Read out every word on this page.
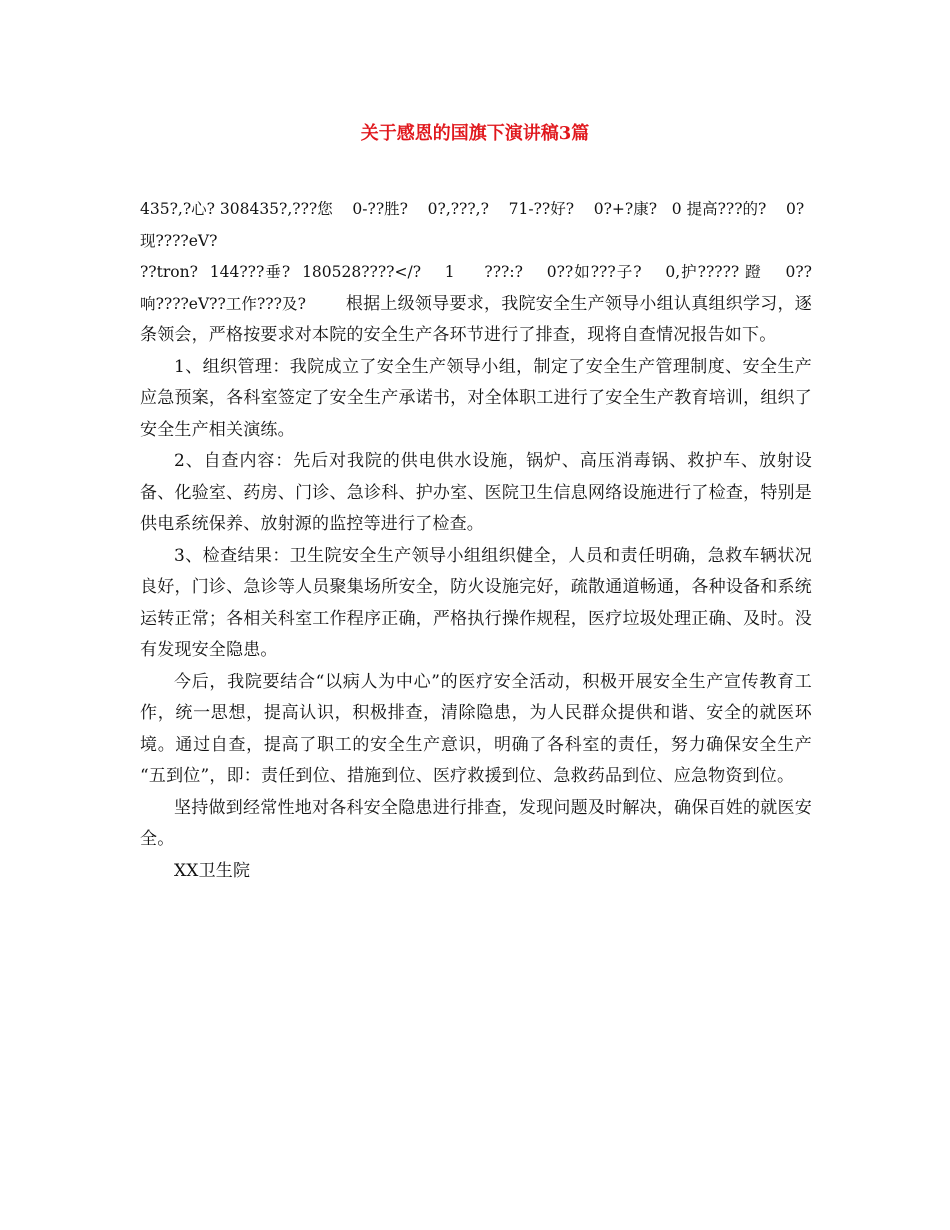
关于感恩的国旗下演讲稿3篇
435?,?心? 308435?,???您    0-??胜?    0?,???,?    71-??好?    0?+?康?   0 提高???的?    0?现????eV?
??tron?  144???垂?  180528????</?    1     ???:?    0??如???子?    0,护????? 蹬    0??响????eV??工作???及?        根据上级领导要求，我院安全生产领导小组认真组织学习，逐条领会，严格按要求对本院的安全生产各环节进行了排查，现将自查情况报告如下。

1、组织管理：我院成立了安全生产领导小组，制定了安全生产管理制度、安全生产应急预案，各科室签定了安全生产承诺书，对全体职工进行了安全生产教育培训，组织了安全生产相关演练。

2、自查内容：先后对我院的供电供水设施，锅炉、高压消毒锅、救护车、放射设备、化验室、药房、门诊、急诊科、护办室、医院卫生信息网络设施进行了检查，特别是供电系统保养、放射源的监控等进行了检查。

3、检查结果：卫生院安全生产领导小组组织健全，人员和责任明确，急救车辆状况良好，门诊、急诊等人员聚集场所安全，防火设施完好，疏散通道畅通，各种设备和系统运转正常；各相关科室工作程序正确，严格执行操作规程，医疗垃圾处理正确、及时。没有发现安全隐患。

今后，我院要结合“以病人为中心”的医疗安全活动，积极开展安全生产宣传教育工作，统一思想，提高认识，积极排查，清除隐患，为人民群众提供和谐、安全的就医环境。通过自查，提高了职工的安全生产意识，明确了各科室的责任，努力确保安全生产 “五到位”，即：责任到位、措施到位、医疗救援到位、急救药品到位、应急物资到位。

坚持做到经常性地对各科安全隐患进行排查，发现问题及时解决，确保百姓的就医安全。

XX卫生院
